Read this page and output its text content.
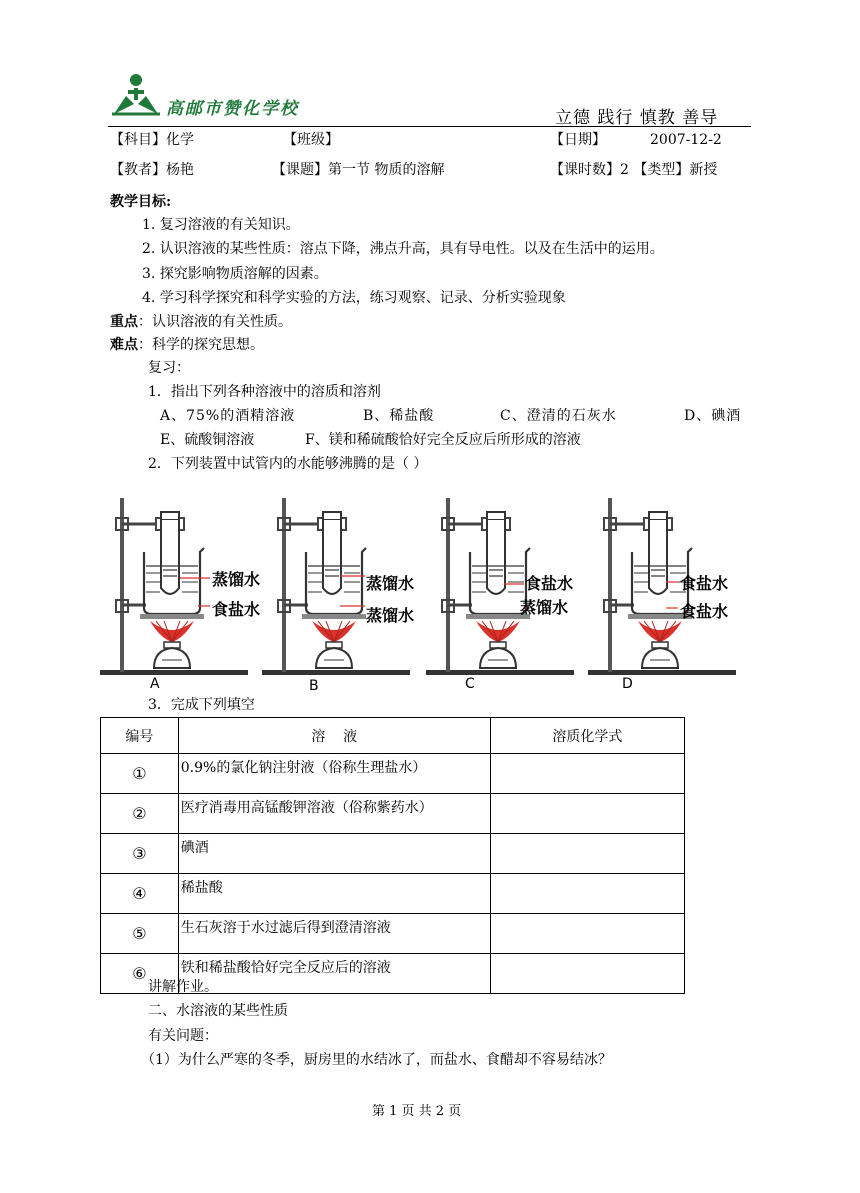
高邮市赞化学校	立德 践行 慎教 善导
【科目】化学	【班级】	【日期】	2007-12-2
【教者】杨艳	【课题】第一节 物质的溶解	【课时数】2 【类型】新授
教学目标:
1. 复习溶液的有关知识。
2. 认识溶液的某些性质：溶点下降，沸点升高，具有导电性。以及在生活中的运用。
3. 探究影响物质溶解的因素。
4. 学习科学探究和科学实验的方法，练习观察、记录、分析实验现象
重点：认识溶液的有关性质。
难点：科学的探究思想。
复习：
1．指出下列各种溶液中的溶质和溶剂
A、75%的酒精溶液	B、稀盐酸	C、澄清的石灰水	D、碘酒
E、硫酸铜溶液	F、镁和稀硫酸恰好完全反应后所形成的溶液
2．下列装置中试管内的水能够沸腾的是（ ）
蒸馏水
食盐水
蒸馏水
蒸馏水
食盐水
蒸馏水
食盐水
食盐水
A	B	C	D
3．完成下列填空
编号	溶    液	溶质化学式
①	0.9%的氯化钠注射液（俗称生理盐水）	
②	医疗消毒用高锰酸钾溶液（俗称紫药水）	
③	碘酒	
④	稀盐酸	
⑤	生石灰溶于水过滤后得到澄清溶液	
⑥	铁和稀盐酸恰好完全反应后的溶液	
讲解作业。
二、水溶液的某些性质
有关问题：
（1）为什么严寒的冬季，厨房里的水结冰了，而盐水、食醋却不容易结冰？
第 1 页 共 2 页
